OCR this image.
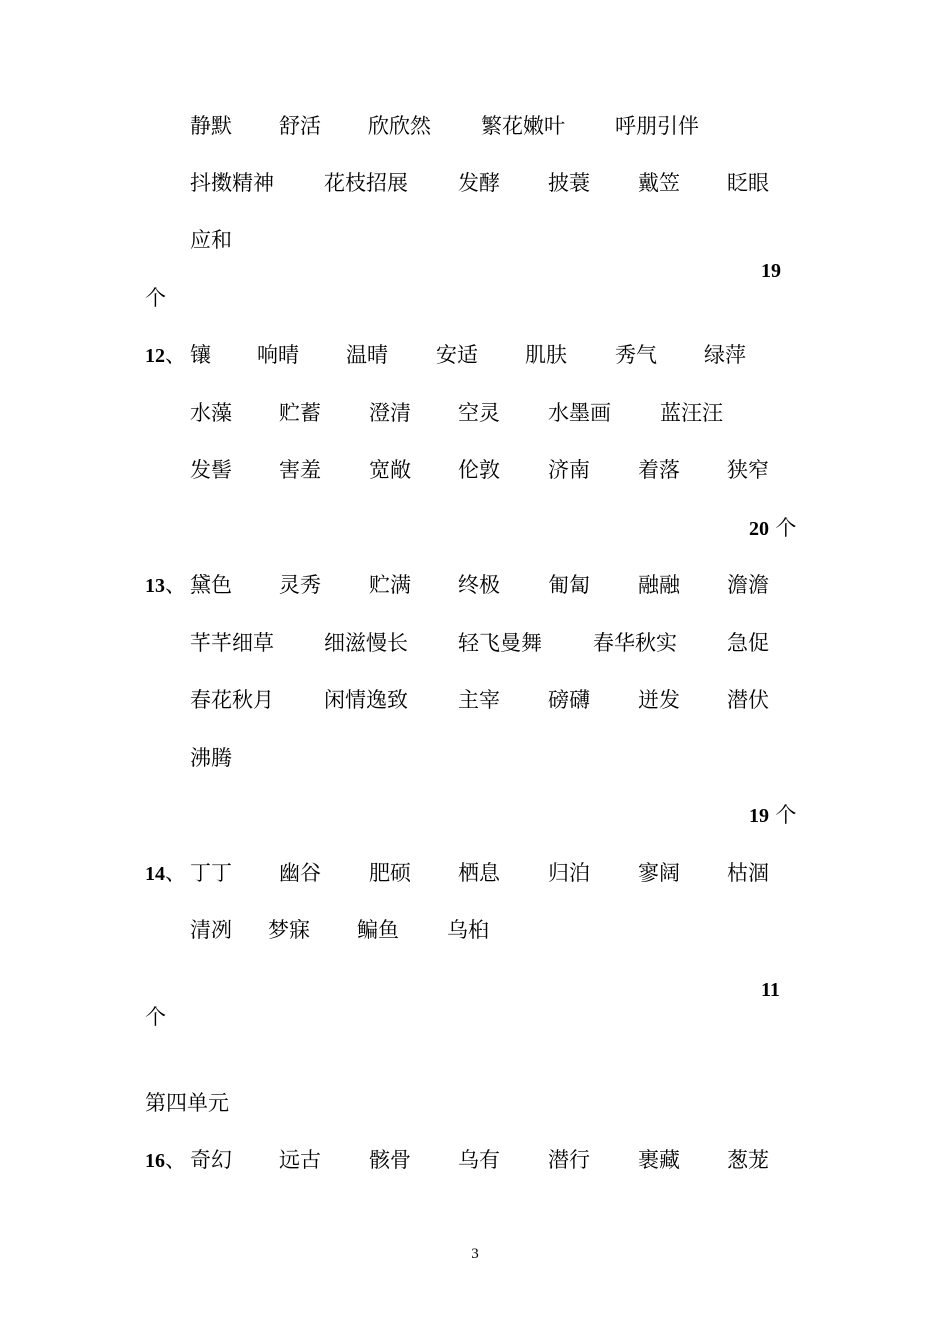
静默 舒活 欣欣然 繁花嫩叶 呼朋引伴
抖擞精神 花枝招展 发酵 披蓑 戴笠 眨眼
应和
19
个
12、 镶 响晴 温晴 安适 肌肤 秀气 绿萍
水藻 贮蓄 澄清 空灵 水墨画 蓝汪汪
发髻 害羞 宽敞 伦敦 济南 着落 狭窄
20 个
13、 黛色 灵秀 贮满 终极 匍匐 融融 澹澹
芊芊细草 细滋慢长 轻飞曼舞 春华秋实 急促
春花秋月 闲情逸致 主宰 磅礴 迸发 潜伏
沸腾
19 个
14、 丁丁 幽谷 肥硕 栖息 归泊 寥阔 枯涸
清冽 梦寐 鳊鱼 乌桕
11
个
第四单元
16、 奇幻 远古 骸骨 乌有 潜行 裹藏 葱茏
3
